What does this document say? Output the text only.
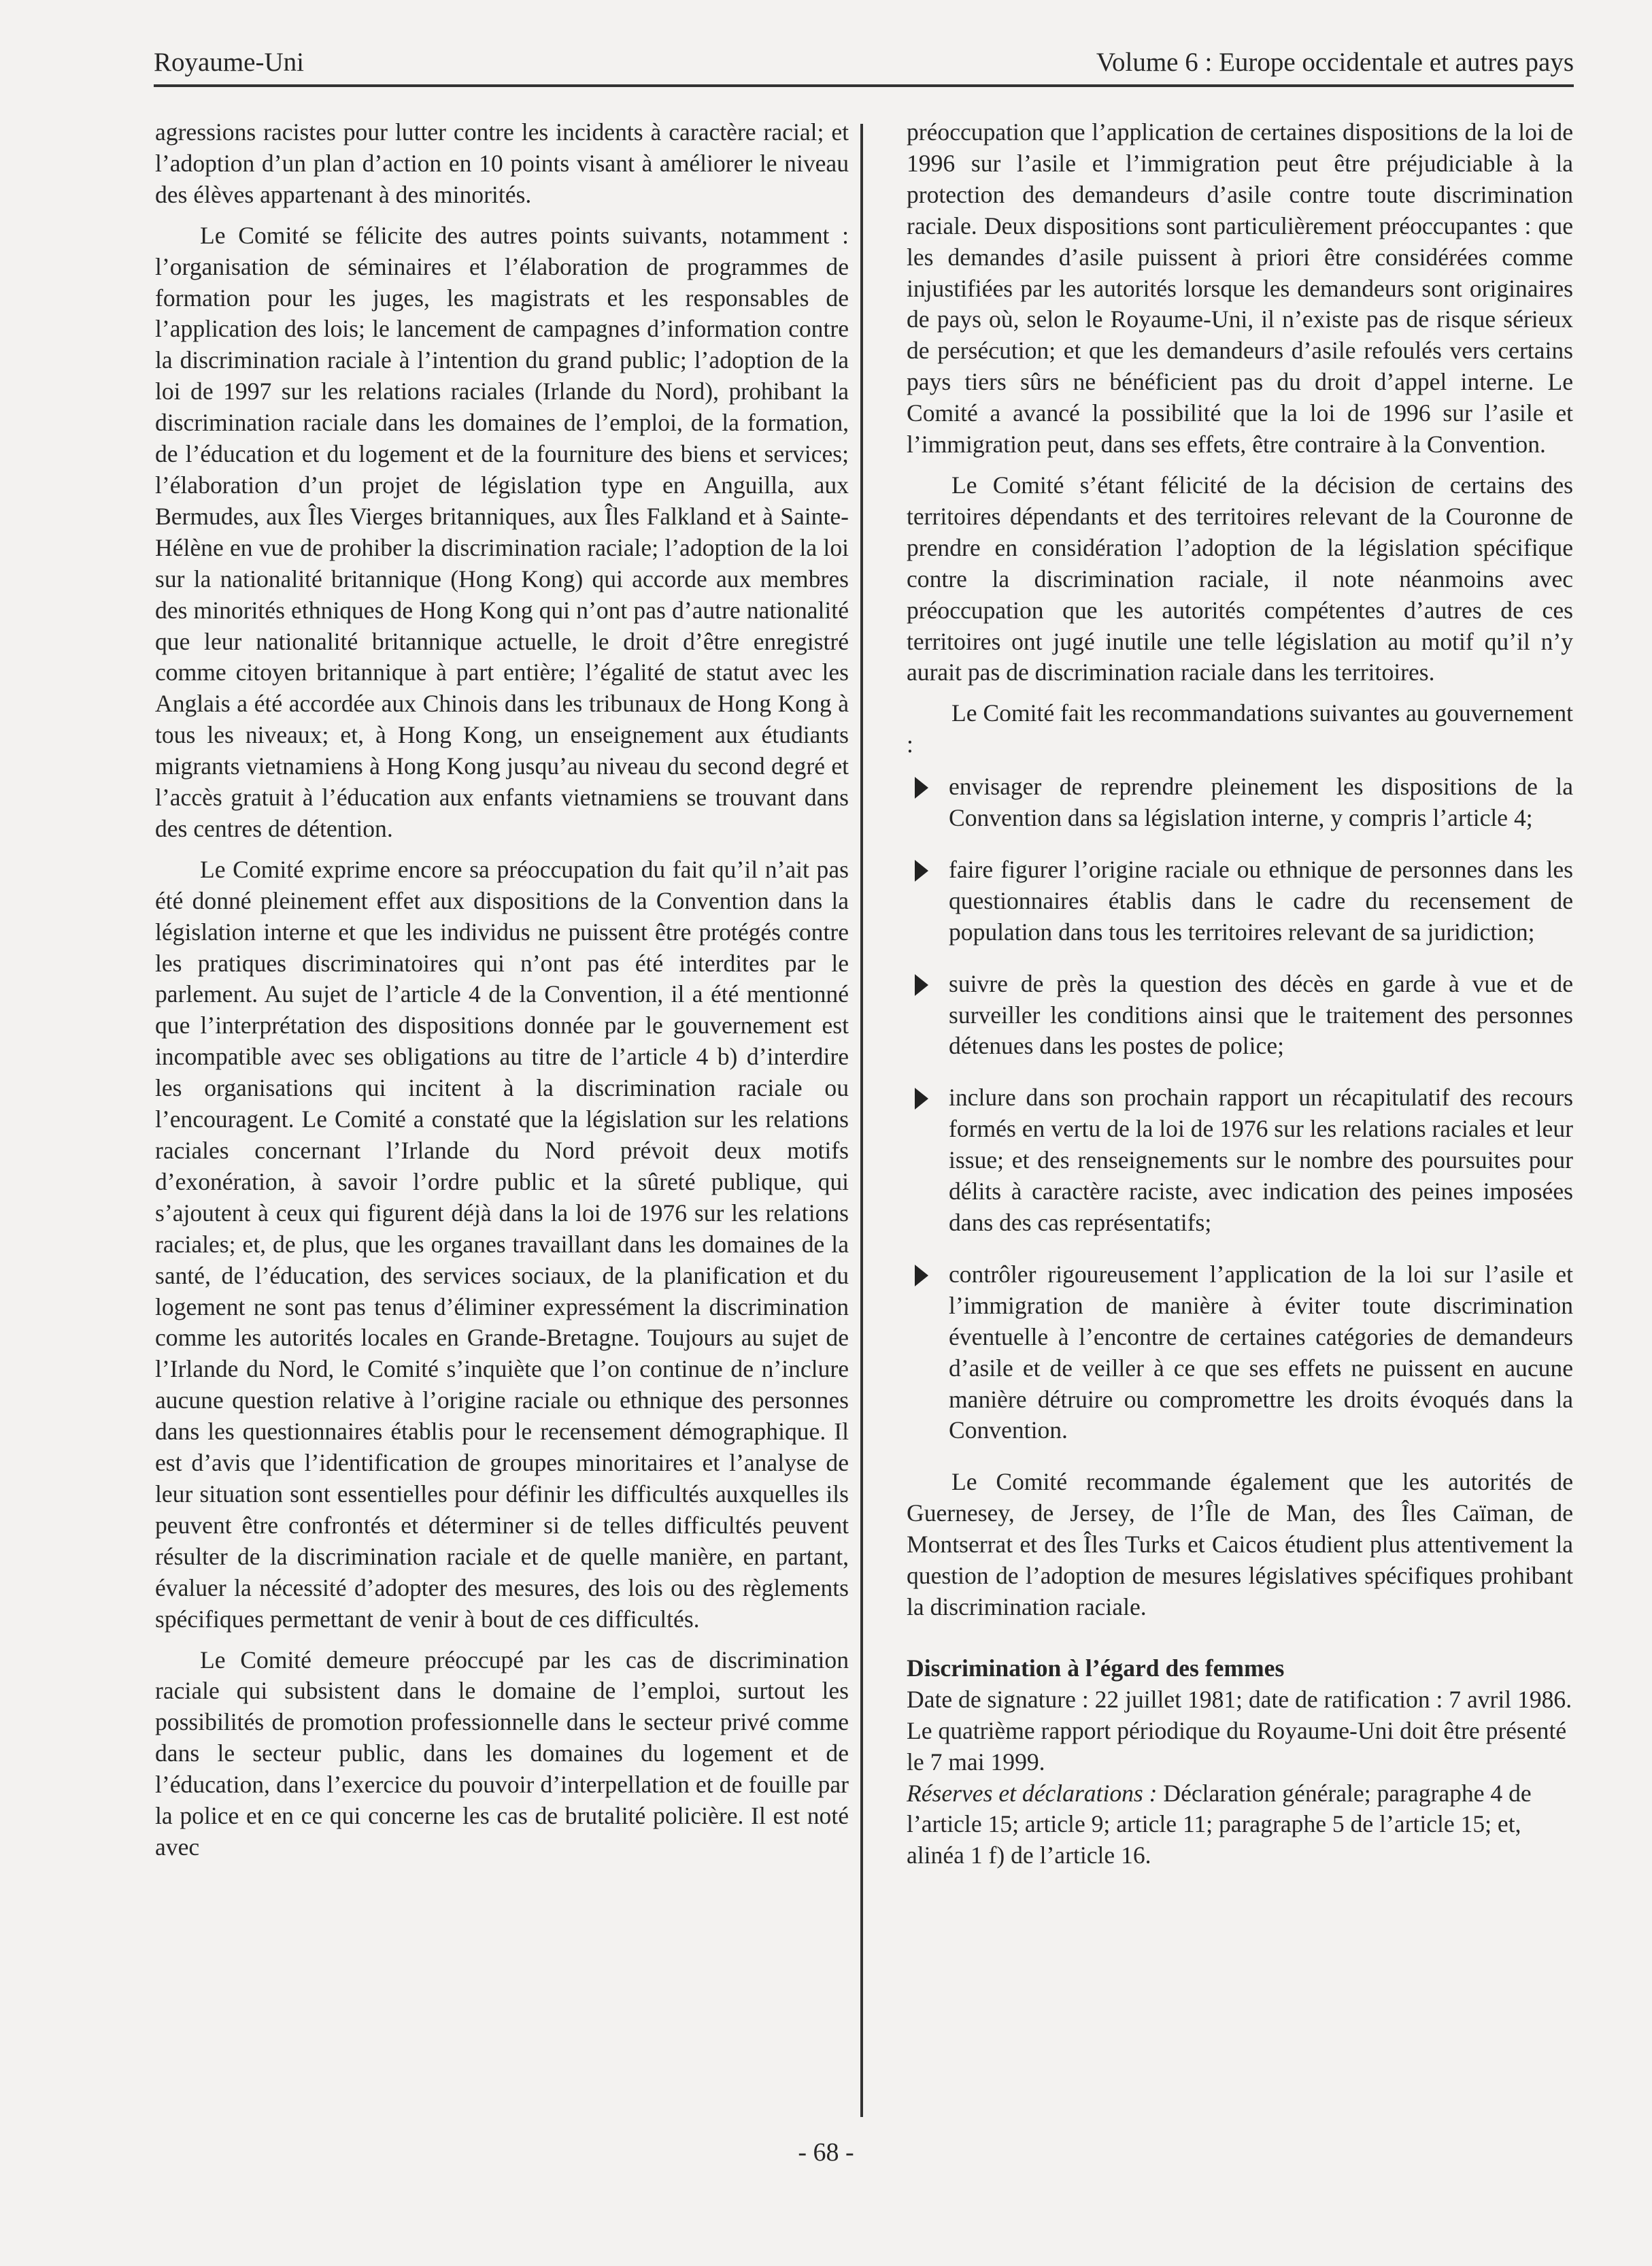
Royaume-Uni	Volume 6 : Europe occidentale et autres pays

agressions racistes pour lutter contre les incidents à caractère racial; et l’adoption d’un plan d’action en 10 points visant à améliorer le niveau des élèves appartenant à des minorités.

Le Comité se félicite des autres points suivants, notamment : l’organisation de séminaires et l’élaboration de programmes de formation pour les juges, les magistrats et les responsables de l’application des lois; le lancement de campagnes d’information contre la discrimination raciale à l’intention du grand public; l’adoption de la loi de 1997 sur les relations raciales (Irlande du Nord), prohibant la discrimination raciale dans les domaines de l’emploi, de la formation, de l’éducation et du logement et de la fourniture des biens et services; l’élaboration d’un projet de législation type en Anguilla, aux Bermudes, aux Îles Vierges britanniques, aux Îles Falkland et à Sainte-Hélène en vue de prohiber la discrimination raciale; l’adoption de la loi sur la nationalité britannique (Hong Kong) qui accorde aux membres des minorités ethniques de Hong Kong qui n’ont pas d’autre nationalité que leur nationalité britannique actuelle, le droit d’être enregistré comme citoyen britannique à part entière; l’égalité de statut avec les Anglais a été accordée aux Chinois dans les tribunaux de Hong Kong à tous les niveaux; et, à Hong Kong, un enseignement aux étudiants migrants vietnamiens à Hong Kong jusqu’au niveau du second degré et l’accès gratuit à l’éducation aux enfants vietnamiens se trouvant dans des centres de détention.

Le Comité exprime encore sa préoccupation du fait qu’il n’ait pas été donné pleinement effet aux dispositions de la Convention dans la législation interne et que les individus ne puissent être protégés contre les pratiques discriminatoires qui n’ont pas été interdites par le parlement. Au sujet de l’article 4 de la Convention, il a été mentionné que l’interprétation des dispositions donnée par le gouvernement est incompatible avec ses obligations au titre de l’article 4 b) d’interdire les organisations qui incitent à la discrimination raciale ou l’encouragent. Le Comité a constaté que la législation sur les relations raciales concernant l’Irlande du Nord prévoit deux motifs d’exonération, à savoir l’ordre public et la sûreté publique, qui s’ajoutent à ceux qui figurent déjà dans la loi de 1976 sur les relations raciales; et, de plus, que les organes travaillant dans les domaines de la santé, de l’éducation, des services sociaux, de la planification et du logement ne sont pas tenus d’éliminer expressément la discrimination comme les autorités locales en Grande-Bretagne. Toujours au sujet de l’Irlande du Nord, le Comité s’inquiète que l’on continue de n’inclure aucune question relative à l’origine raciale ou ethnique des personnes dans les questionnaires établis pour le recensement démographique. Il est d’avis que l’identification de groupes minoritaires et l’analyse de leur situation sont essentielles pour définir les difficultés auxquelles ils peuvent être confrontés et déterminer si de telles difficultés peuvent résulter de la discrimination raciale et de quelle manière, en partant, évaluer la nécessité d’adopter des mesures, des lois ou des règlements spécifiques permettant de venir à bout de ces difficultés.

Le Comité demeure préoccupé par les cas de discrimination raciale qui subsistent dans le domaine de l’emploi, surtout les possibilités de promotion professionnelle dans le secteur privé comme dans le secteur public, dans les domaines du logement et de l’éducation, dans l’exercice du pouvoir d’interpellation et de fouille par la police et en ce qui concerne les cas de brutalité policière. Il est noté avec

préoccupation que l’application de certaines dispositions de la loi de 1996 sur l’asile et l’immigration peut être préjudiciable à la protection des demandeurs d’asile contre toute discrimination raciale. Deux dispositions sont particulièrement préoccupantes : que les demandes d’asile puissent à priori être considérées comme injustifiées par les autorités lorsque les demandeurs sont originaires de pays où, selon le Royaume-Uni, il n’existe pas de risque sérieux de persécution; et que les demandeurs d’asile refoulés vers certains pays tiers sûrs ne bénéficient pas du droit d’appel interne. Le Comité a avancé la possibilité que la loi de 1996 sur l’asile et l’immigration peut, dans ses effets, être contraire à la Convention.

Le Comité s’étant félicité de la décision de certains des territoires dépendants et des territoires relevant de la Couronne de prendre en considération l’adoption de la législation spécifique contre la discrimination raciale, il note néanmoins avec préoccupation que les autorités compétentes d’autres de ces territoires ont jugé inutile une telle législation au motif qu’il n’y aurait pas de discrimination raciale dans les territoires.

Le Comité fait les recommandations suivantes au gouvernement :

envisager de reprendre pleinement les dispositions de la Convention dans sa législation interne, y compris l’article 4;
faire figurer l’origine raciale ou ethnique de personnes dans les questionnaires établis dans le cadre du recensement de population dans tous les territoires relevant de sa juridiction;
suivre de près la question des décès en garde à vue et de surveiller les conditions ainsi que le traitement des personnes détenues dans les postes de police;
inclure dans son prochain rapport un récapitulatif des recours formés en vertu de la loi de 1976 sur les relations raciales et leur issue; et des renseignements sur le nombre des poursuites pour délits à caractère raciste, avec indication des peines imposées dans des cas représentatifs;
contrôler rigoureusement l’application de la loi sur l’asile et l’immigration de manière à éviter toute discrimination éventuelle à l’encontre de certaines catégories de demandeurs d’asile et de veiller à ce que ses effets ne puissent en aucune manière détruire ou compromettre les droits évoqués dans la Convention.

Le Comité recommande également que les autorités de Guernesey, de Jersey, de l’Île de Man, des Îles Caïman, de Montserrat et des Îles Turks et Caicos étudient plus attentivement la question de l’adoption de mesures législatives spécifiques prohibant la discrimination raciale.

Discrimination à l’égard des femmes
Date de signature : 22 juillet 1981; date de ratification : 7 avril 1986.
Le quatrième rapport périodique du Royaume-Uni doit être présenté le 7 mai 1999.
Réserves et déclarations : Déclaration générale; paragraphe 4 de l’article 15; article 9; article 11; paragraphe 5 de l’article 15; et, alinéa 1 f) de l’article 16.
- 68 -
